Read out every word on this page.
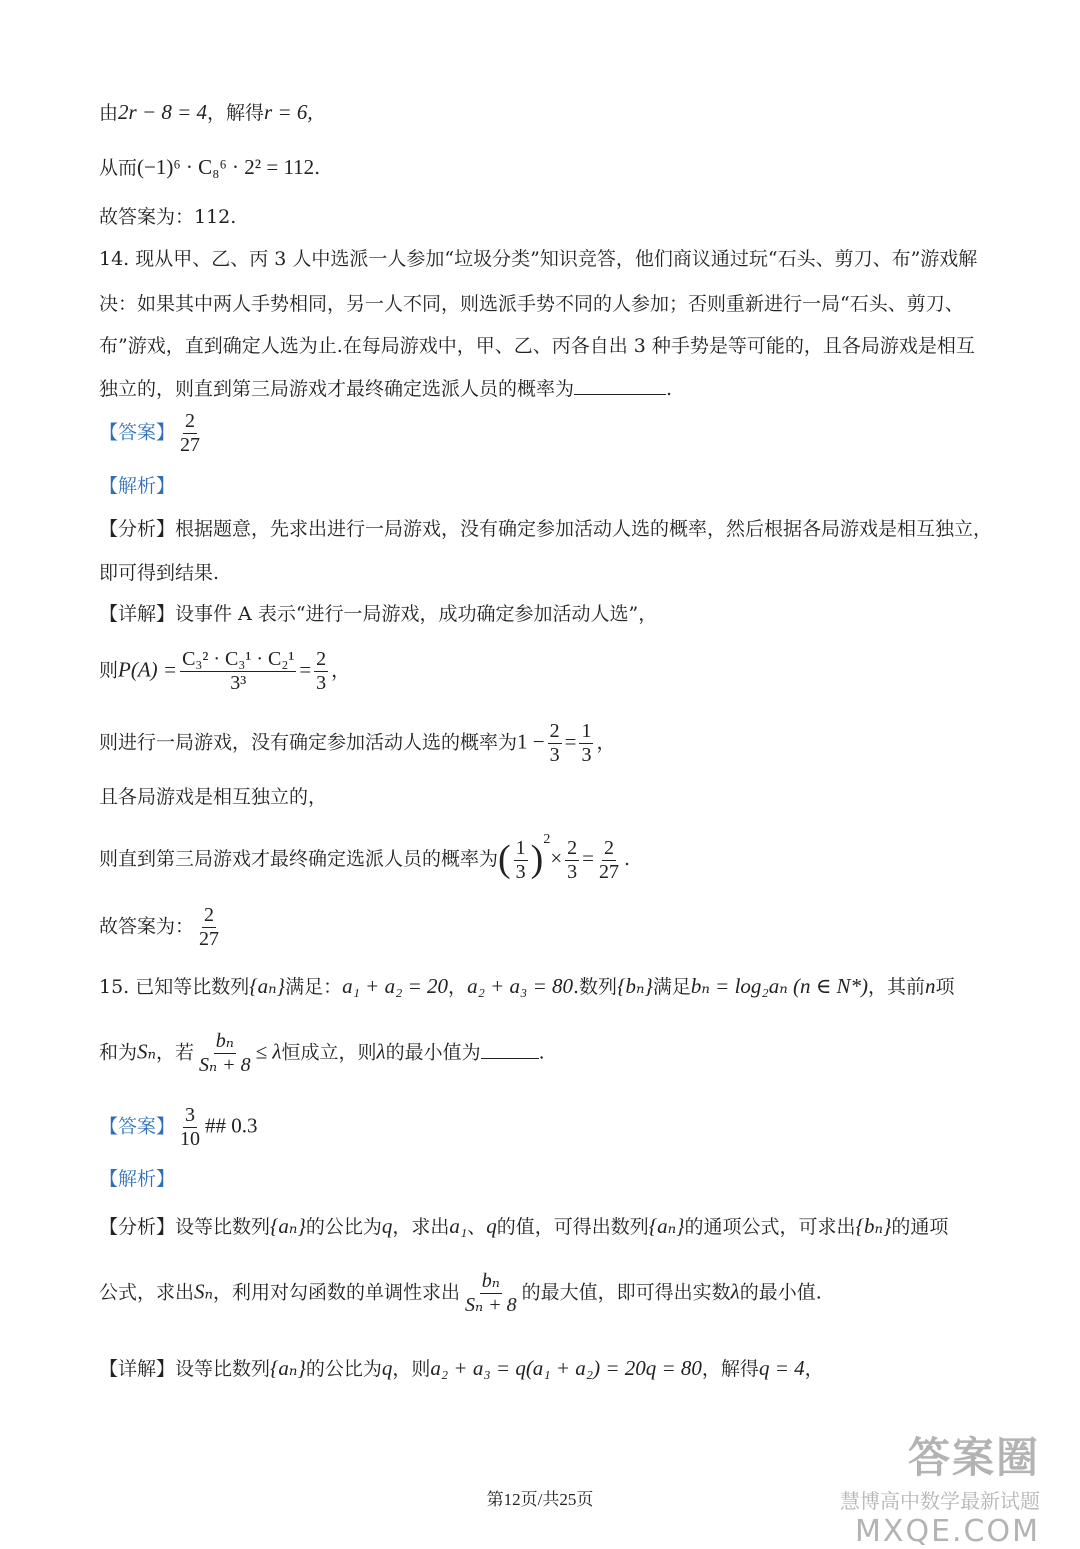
由2r − 8 = 4，解得r = 6,
从而(−1)⁶ · C₈⁶ · 2² = 112.
故答案为：112.
14. 现从甲、乙、丙 3 人中选派一人参加“垃圾分类”知识竞答，他们商议通过玩“石头、剪刀、布”游戏解
决：如果其中两人手势相同，另一人不同，则选派手势不同的人参加；否则重新进行一局“石头、剪刀、
布”游戏，直到确定人选为止.在每局游戏中，甲、乙、丙各自出 3 种手势是等可能的，且各局游戏是相互
独立的，则直到第三局游戏才最终确定选派人员的概率为	.
【答案】 $\frac{2}{27}$
【解析】
【分析】根据题意，先求出进行一局游戏，没有确定参加活动人选的概率，然后根据各局游戏是相互独立，
即可得到结果.
【详解】设事件 A 表示“进行一局游戏，成功确定参加活动人选”，
则$P(A) = \frac{\text{C₃² · C₃¹ · C₂¹}}{\text{3³}} = \frac{2}{3}$ ，
则进行一局游戏，没有确定参加活动人选的概率为$1 - \frac{2}{3} = \frac{1}{3}$ ，
且各局游戏是相互独立的，
则直到第三局游戏才最终确定选派人员的概率为( $\frac{1}{3} )^2\times \frac{2}{3} = \frac{2}{27}$ .
故答案为： $\frac{2}{27}$
15. 已知等比数列{aₙ}满足：a₁ + a₂ = 20，a₂ + a₃ = 80.数列{bₙ}满足bₙ = log₂aₙ (n ∈ N*)，其前n项
和为Sₙ，若 $\frac{\text{bₙ}}{\text{Sₙ + 8}} \le \lambda$恒成立，则λ的最小值为	.
【答案】 $\frac{3}{10}$ ## 0.3
【解析】
【分析】设等比数列{aₙ}的公比为q，求出a₁、q的值，可得出数列{aₙ}的通项公式，可求出{bₙ}的通项
公式，求出Sₙ，利用对勾函数的单调性求出 $\frac{\text{bₙ}}{\text{Sₙ + 8}}$ 的最大值，即可得出实数λ的最小值.
【详解】设等比数列{aₙ}的公比为q，则a₂ + a₃ = q(a₁ + a₂) = 20q = 80，解得q = 4，
答案圈
慧博高中数学最新试题
MXQE.COM
第12页/共25页
